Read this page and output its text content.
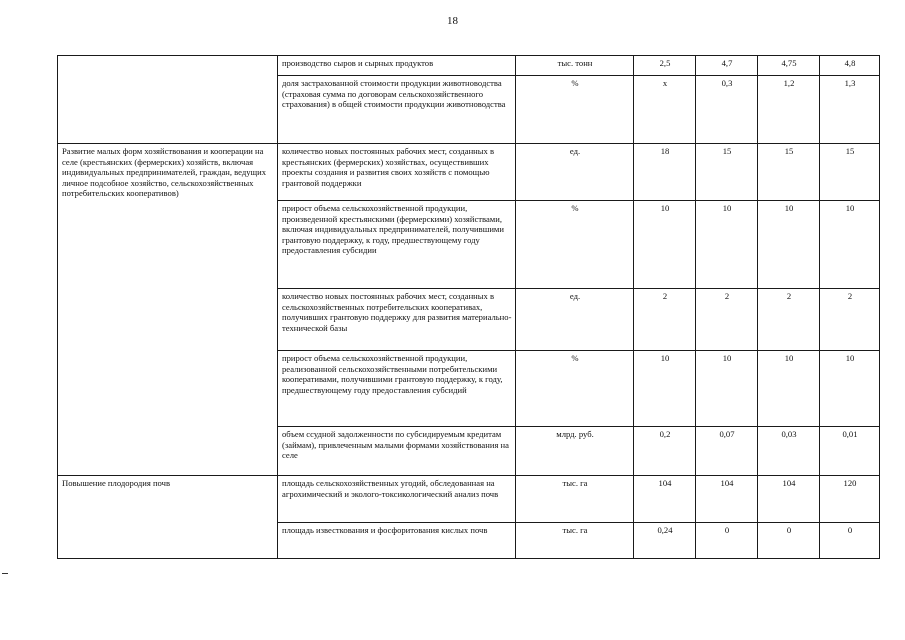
18
	производство сыров и сырных продуктов	тыс. тонн	2,5	4,7	4,75	4,8
	доля застрахованной стоимости продукции животноводства (страховая сумма по договорам сельскохозяйственного страхования) в общей стоимости продукции животноводства	%	x	0,3	1,2	1,3
Развитие малых форм хозяйствования и кооперации на селе (крестьянских (фермерских) хозяйств, включая индивидуальных предпринимателей, граждан, ведущих личное подсобное хозяйство, сельскохозяйственных потребительских кооперативов)	количество новых постоянных рабочих мест, созданных в крестьянских (фермерских) хозяйствах, осуществивших проекты создания и развития своих хозяйств с помощью грантовой поддержки	ед.	18	15	15	15
	прирост объема сельскохозяйственной продукции, произведенной крестьянскими (фермерскими) хозяйствами, включая индивидуальных предпринимателей, получившими грантовую поддержку, к году, предшествующему году предоставления субсидии	%	10	10	10	10
	количество новых постоянных рабочих мест, созданных в сельскохозяйственных потребительских кооперативах, получивших грантовую поддержку для развития материально-технической базы	ед.	2	2	2	2
	прирост объема сельскохозяйственной продукции, реализованной сельскохозяйственными потребительскими кооперативами, получившими грантовую поддержку, к году, предшествующему году предоставления субсидий	%	10	10	10	10
	объем ссудной задолженности по субсидируемым кредитам (займам), привлеченным малыми формами хозяйствования на селе	млрд. руб.	0,2	0,07	0,03	0,01
Повышение плодородия почв	площадь сельскохозяйственных угодий, обследованная на агрохимический и эколого-токсикологический анализ почв	тыс. га	104	104	104	120
	площадь известкования и фосфоритования кислых почв	тыс. га	0,24	0	0	0
